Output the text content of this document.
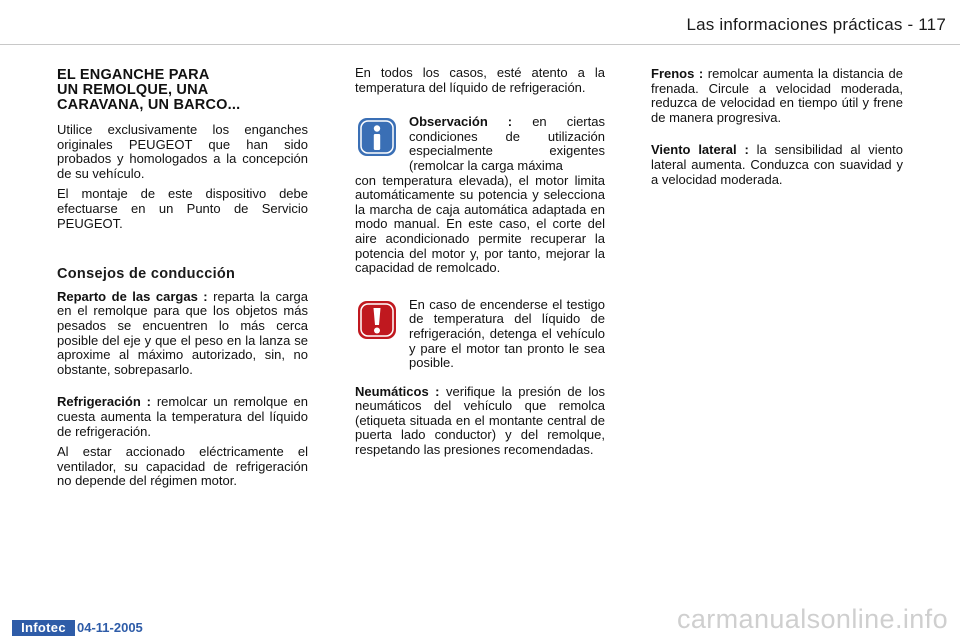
Las informaciones prácticas - 117
EL ENGANCHE PARA
UN REMOLQUE, UNA
CARAVANA, UN BARCO...

Utilice exclusivamente los enganches originales PEUGEOT que han sido probados y homologados a la concepción de su vehículo.

El montaje de este dispositivo debe efectuarse en un Punto de Servicio PEUGEOT.

Consejos de conducción

Reparto de las cargas : reparta la carga en el remolque para que los objetos más pesados se encuentren lo más cerca posible del eje y que el peso en la lanza se aproxime al máximo autorizado, sin, no obstante, sobrepasarlo.

Refrigeración : remolcar un remolque en cuesta aumenta la temperatura del líquido de refrigeración.

Al estar accionado eléctricamente el ventilador, su capacidad de refrigeración no depende del régimen motor.

En todos los casos, esté atento a la temperatura del líquido de refrigeración.

Observación : en ciertas condiciones de utilización especialmente exigentes (remolcar la carga máxima
con temperatura elevada), el motor limita automáticamente su potencia y selecciona la marcha de caja automática adaptada en modo manual. En este caso, el corte del aire acondicionado permite recuperar la potencia del motor y, por tanto, mejorar la capacidad de remolcado.

En caso de encenderse el testigo de temperatura del líquido de refrigeración, detenga el vehículo y pare el motor tan pronto le sea posible.

Neumáticos : verifique la presión de los neumáticos del vehículo que remolca (etiqueta situada en el montante central de puerta lado conductor) y del remolque, respetando las presiones recomendadas.

Frenos : remolcar aumenta la distancia de frenada. Circule a velocidad moderada, reduzca de velocidad en tiempo útil y frene de manera progresiva.

Viento lateral : la sensibilidad al viento lateral aumenta. Conduzca con suavidad y a velocidad moderada.

Infotec 04-11-2005	carmanualsonline.info
